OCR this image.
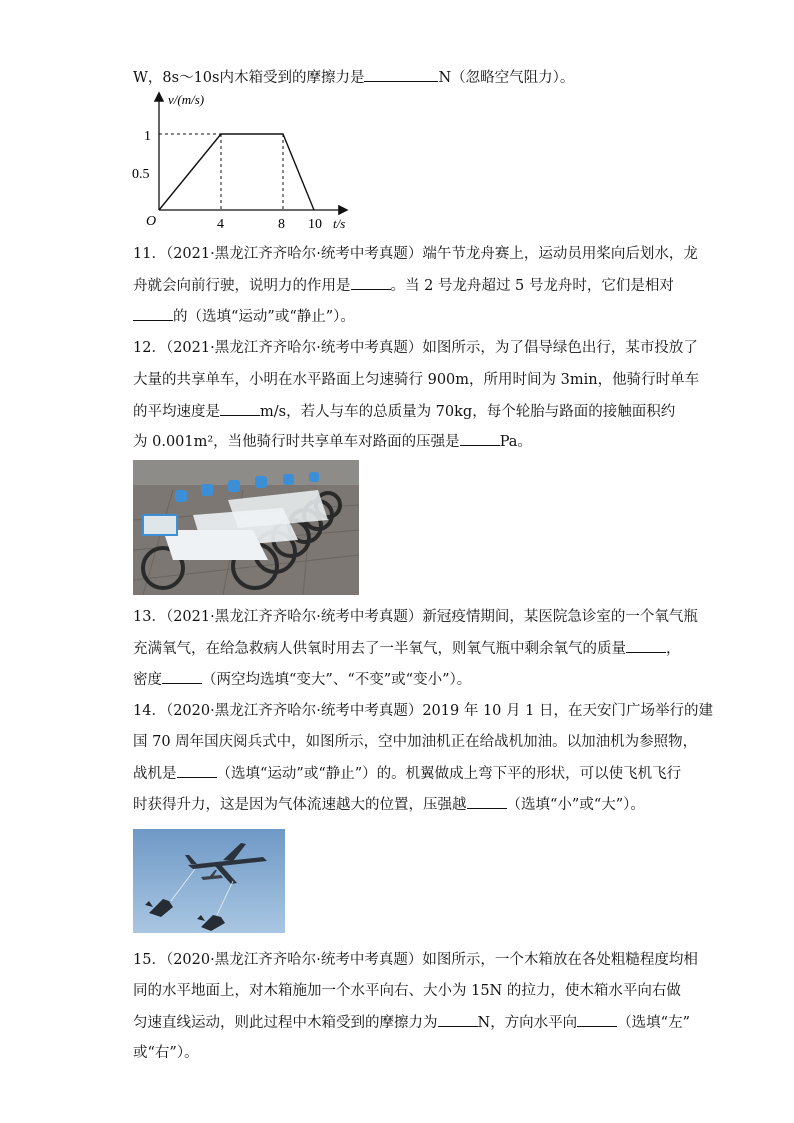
W，8s～10s内木箱受到的摩擦力是	N（忽略空气阻力）。
v/(m/s)
t/s
O
1
0.5
4	8 10
11．（2021·黑龙江齐齐哈尔·统考中考真题）端午节龙舟赛上，运动员用桨向后划水，龙
舟就会向前行驶，说明力的作用是	。当 2 号龙舟超过 5 号龙舟时，它们是相对
的（选填“运动”或“静止”）。
12．（2021·黑龙江齐齐哈尔·统考中考真题）如图所示，为了倡导绿色出行，某市投放了
大量的共享单车，小明在水平路面上匀速骑行 900m，所用时间为 3min，他骑行时单车
的平均速度是	m/s，若人与车的总质量为 70kg，每个轮胎与路面的接触面积约
为 0.001m²，当他骑行时共享单车对路面的压强是	Pa。
13．（2021·黑龙江齐齐哈尔·统考中考真题）新冠疫情期间，某医院急诊室的一个氧气瓶
充满氧气，在给急救病人供氧时用去了一半氧气，则氧气瓶中剩余氧气的质量	，
密度	（两空均选填“变大”、“不变”或“变小”）。
14．（2020·黑龙江齐齐哈尔·统考中考真题）2019 年 10 月 1 日，在天安门广场举行的建
国 70 周年国庆阅兵式中，如图所示，空中加油机正在给战机加油。以加油机为参照物，
战机是	（选填“运动”或“静止”）的。机翼做成上弯下平的形状，可以使飞机飞行
时获得升力，这是因为气体流速越大的位置，压强越	（选填“小”或“大”）。
15．（2020·黑龙江齐齐哈尔·统考中考真题）如图所示，一个木箱放在各处粗糙程度均相
同的水平地面上，对木箱施加一个水平向右、大小为 15N 的拉力，使木箱水平向右做
匀速直线运动，则此过程中木箱受到的摩擦力为	N，方向水平向	（选填“左”
或“右”）。
